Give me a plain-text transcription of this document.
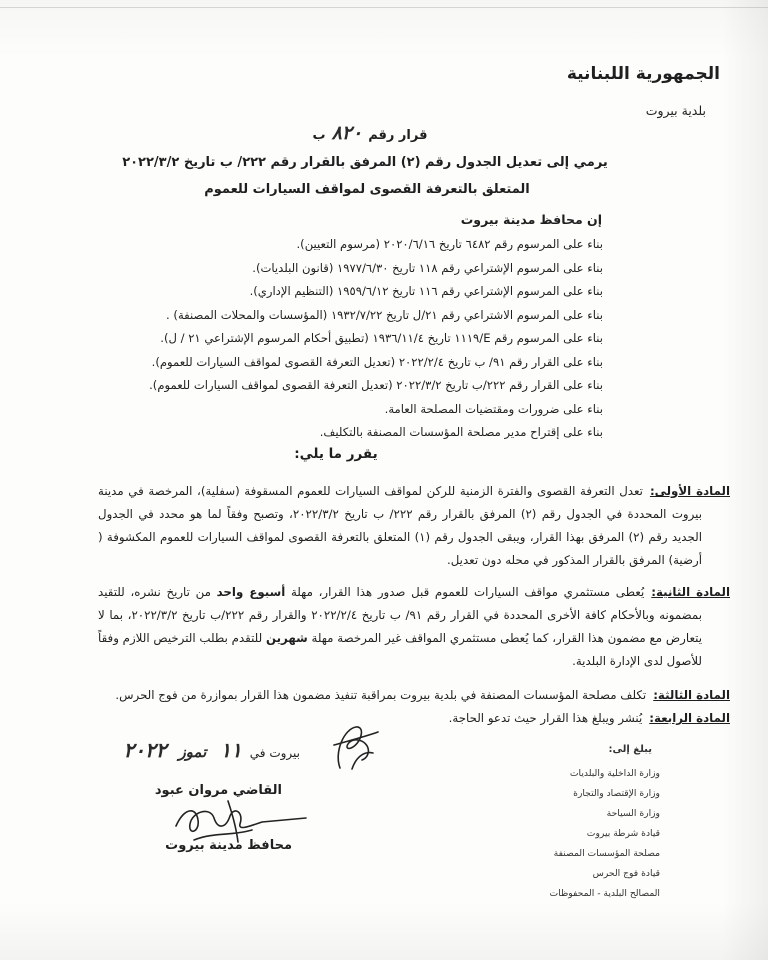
الجمهورية اللبنانية
بلدية بيروت
قرار رقم٨٢٠ب
يرمي إلى تعديل الجدول رقم (٢) المرفق بالقرار رقم ٢٢٢/ ب تاريخ ٢٠٢٢/٣/٢
المتعلق بالتعرفة القصوى لمواقف السيارات للعموم
إن محافظ مدينة بيروت
بناء على المرسوم رقم ٦٤٨٢ تاريخ ٢٠٢٠/٦/١٦ (مرسوم التعيين).
بناء على المرسوم الإشتراعي رقم ١١٨ تاريخ ١٩٧٧/٦/٣٠ (قانون البلديات).
بناء على المرسوم الإشتراعي رقم ١١٦ تاريخ ١٩٥٩/٦/١٢ (التنظيم الإداري).
بناء على المرسوم الاشتراعي رقم ٢١/ل تاريخ ١٩٣٢/٧/٢٢ (المؤسسات والمحلات المصنفة) .
بناء على المرسوم رقم E/١١١٩ تاريخ ١٩٣٦/١١/٤ (تطبيق أحكام المرسوم الإشتراعي ٢١ / ل).
بناء على القرار رقم ٩١/ ب تاريخ ٢٠٢٢/٢/٤ (تعديل التعرفة القصوى لمواقف السيارات للعموم).
بناء على القرار رقم ٢٢٢/ب تاريخ ٢٠٢٢/٣/٢ (تعديل التعرفة القصوى لمواقف السيارات للعموم).
بناء على ضرورات ومقتضيات المصلحة العامة.
بناء على إقتراح مدير مصلحة المؤسسات المصنفة بالتكليف.
يقرر ما يلي:
المادة الأولى:تعدل التعرفة القصوى والفترة الزمنية للركن لمواقف السيارات للعموم المسقوفة (سفلية)، المرخصة في مدينة بيروت المحددة في الجدول رقم (٢) المرفق بالقرار رقم ٢٢٢/ ب تاريخ ٢٠٢٢/٣/٢، وتصبح وفقاً لما هو محدد في الجدول الجديد رقم (٢) المرفق بهذا القرار، ويبقى الجدول رقم (١) المتعلق بالتعرفة القصوى لمواقف السيارات للعموم المكشوفة ( أرضية) المرفق بالقرار المذكور في محله دون تعديل.
المادة الثانية:يُعطى مستثمري مواقف السيارات للعموم قبل صدور هذا القرار، مهلة أسبوع واحد من تاريخ نشره، للتقيد بمضمونه وبالأحكام كافة الأخرى المحددة في القرار رقم ٩١/ ب تاريخ ٢٠٢٢/٢/٤ والقرار رقم ٢٢٢/ب تاريخ ٢٠٢٢/٣/٢، بما لا يتعارض مع مضمون هذا القرار، كما يُعطى مستثمري المواقف غير المرخصة مهلة شهرين للتقدم بطلب الترخيص اللازم وفقاً للأصول لدى الإدارة البلدية.
المادة الثالثة:تكلف مصلحة المؤسسات المصنفة في بلدية بيروت بمراقبة تنفيذ مضمون هذا القرار بموازرة من فوج الحرس.
المادة الرابعة:يُنشر ويبلغ هذا القرار حيث تدعو الحاجة.
بيروت في١١تموز٢٠٢٢
القاضي مروان عبود
محافظ مدينة بيروت
يبلغ إلى:
وزارة الداخلية والبلديات
وزارة الإقتصاد والتجارة
وزارة السياحة
قيادة شرطة بيروت
مصلحة المؤسسات المصنفة
قيادة فوج الحرس
المصالح البلدية - المحفوظات
